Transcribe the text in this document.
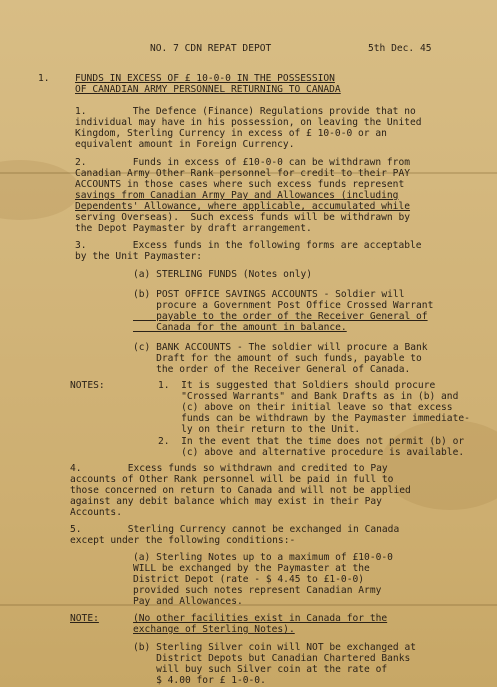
NO. 7 CDN REPAT DEPOT	5th Dec. 45
1.	FUNDS IN EXCESS OF £ 10-0-0 IN THE POSSESSION
OF CANADIAN ARMY PERSONNEL RETURNING TO CANADA
1.        The Defence (Finance) Regulations provide that no
individual may have in his possession, on leaving the United
Kingdom, Sterling Currency in excess of £ 10-0-0 or an
equivalent amount in Foreign Currency.
2.        Funds in excess of £10-0-0 can be withdrawn from
Canadian Army Other Rank personnel for credit to their PAY
ACCOUNTS in those cases where such excess funds represent
savings from Canadian Army Pay and Allowances (including
Dependents' Allowance, where applicable, accumulated while
serving Overseas).  Such excess funds will be withdrawn by
the Depot Paymaster by draft arrangement.
3.        Excess funds in the following forms are acceptable
by the Unit Paymaster:
(a) STERLING FUNDS (Notes only)
(b) POST OFFICE SAVINGS ACCOUNTS - Soldier will
procure a Government Post Office Crossed Warrant
payable to the order of the Receiver General of
Canada for the amount in balance.
(c) BANK ACCOUNTS - The soldier will procure a Bank
Draft for the amount of such funds, payable to
the order of the Receiver General of Canada.
NOTES:	1.  It is suggested that Soldiers should procure
"Crossed Warrants" and Bank Drafts as in (b) and
(c) above on their initial leave so that excess
funds can be withdrawn by the Paymaster immediate-
ly on their return to the Unit.
2.  In the event that the time does not permit (b) or
(c) above and alternative procedure is available.
4.        Excess funds so withdrawn and credited to Pay
accounts of Other Rank personnel will be paid in full to
those concerned on return to Canada and will not be applied
against any debit balance which may exist in their Pay
Accounts.
5.        Sterling Currency cannot be exchanged in Canada
except under the following conditions:-
(a) Sterling Notes up to a maximum of £10-0-0
WILL be exchanged by the Paymaster at the
District Depot (rate - $ 4.45 to £1-0-0)
provided such notes represent Canadian Army
Pay and Allowances.
NOTE:	(No other facilities exist in Canada for the
exchange of Sterling Notes).
(b) Sterling Silver coin will NOT be exchanged at
District Depots but Canadian Chartered Banks
will buy such Silver coin at the rate of
$ 4.00 for £ 1-0-0.
